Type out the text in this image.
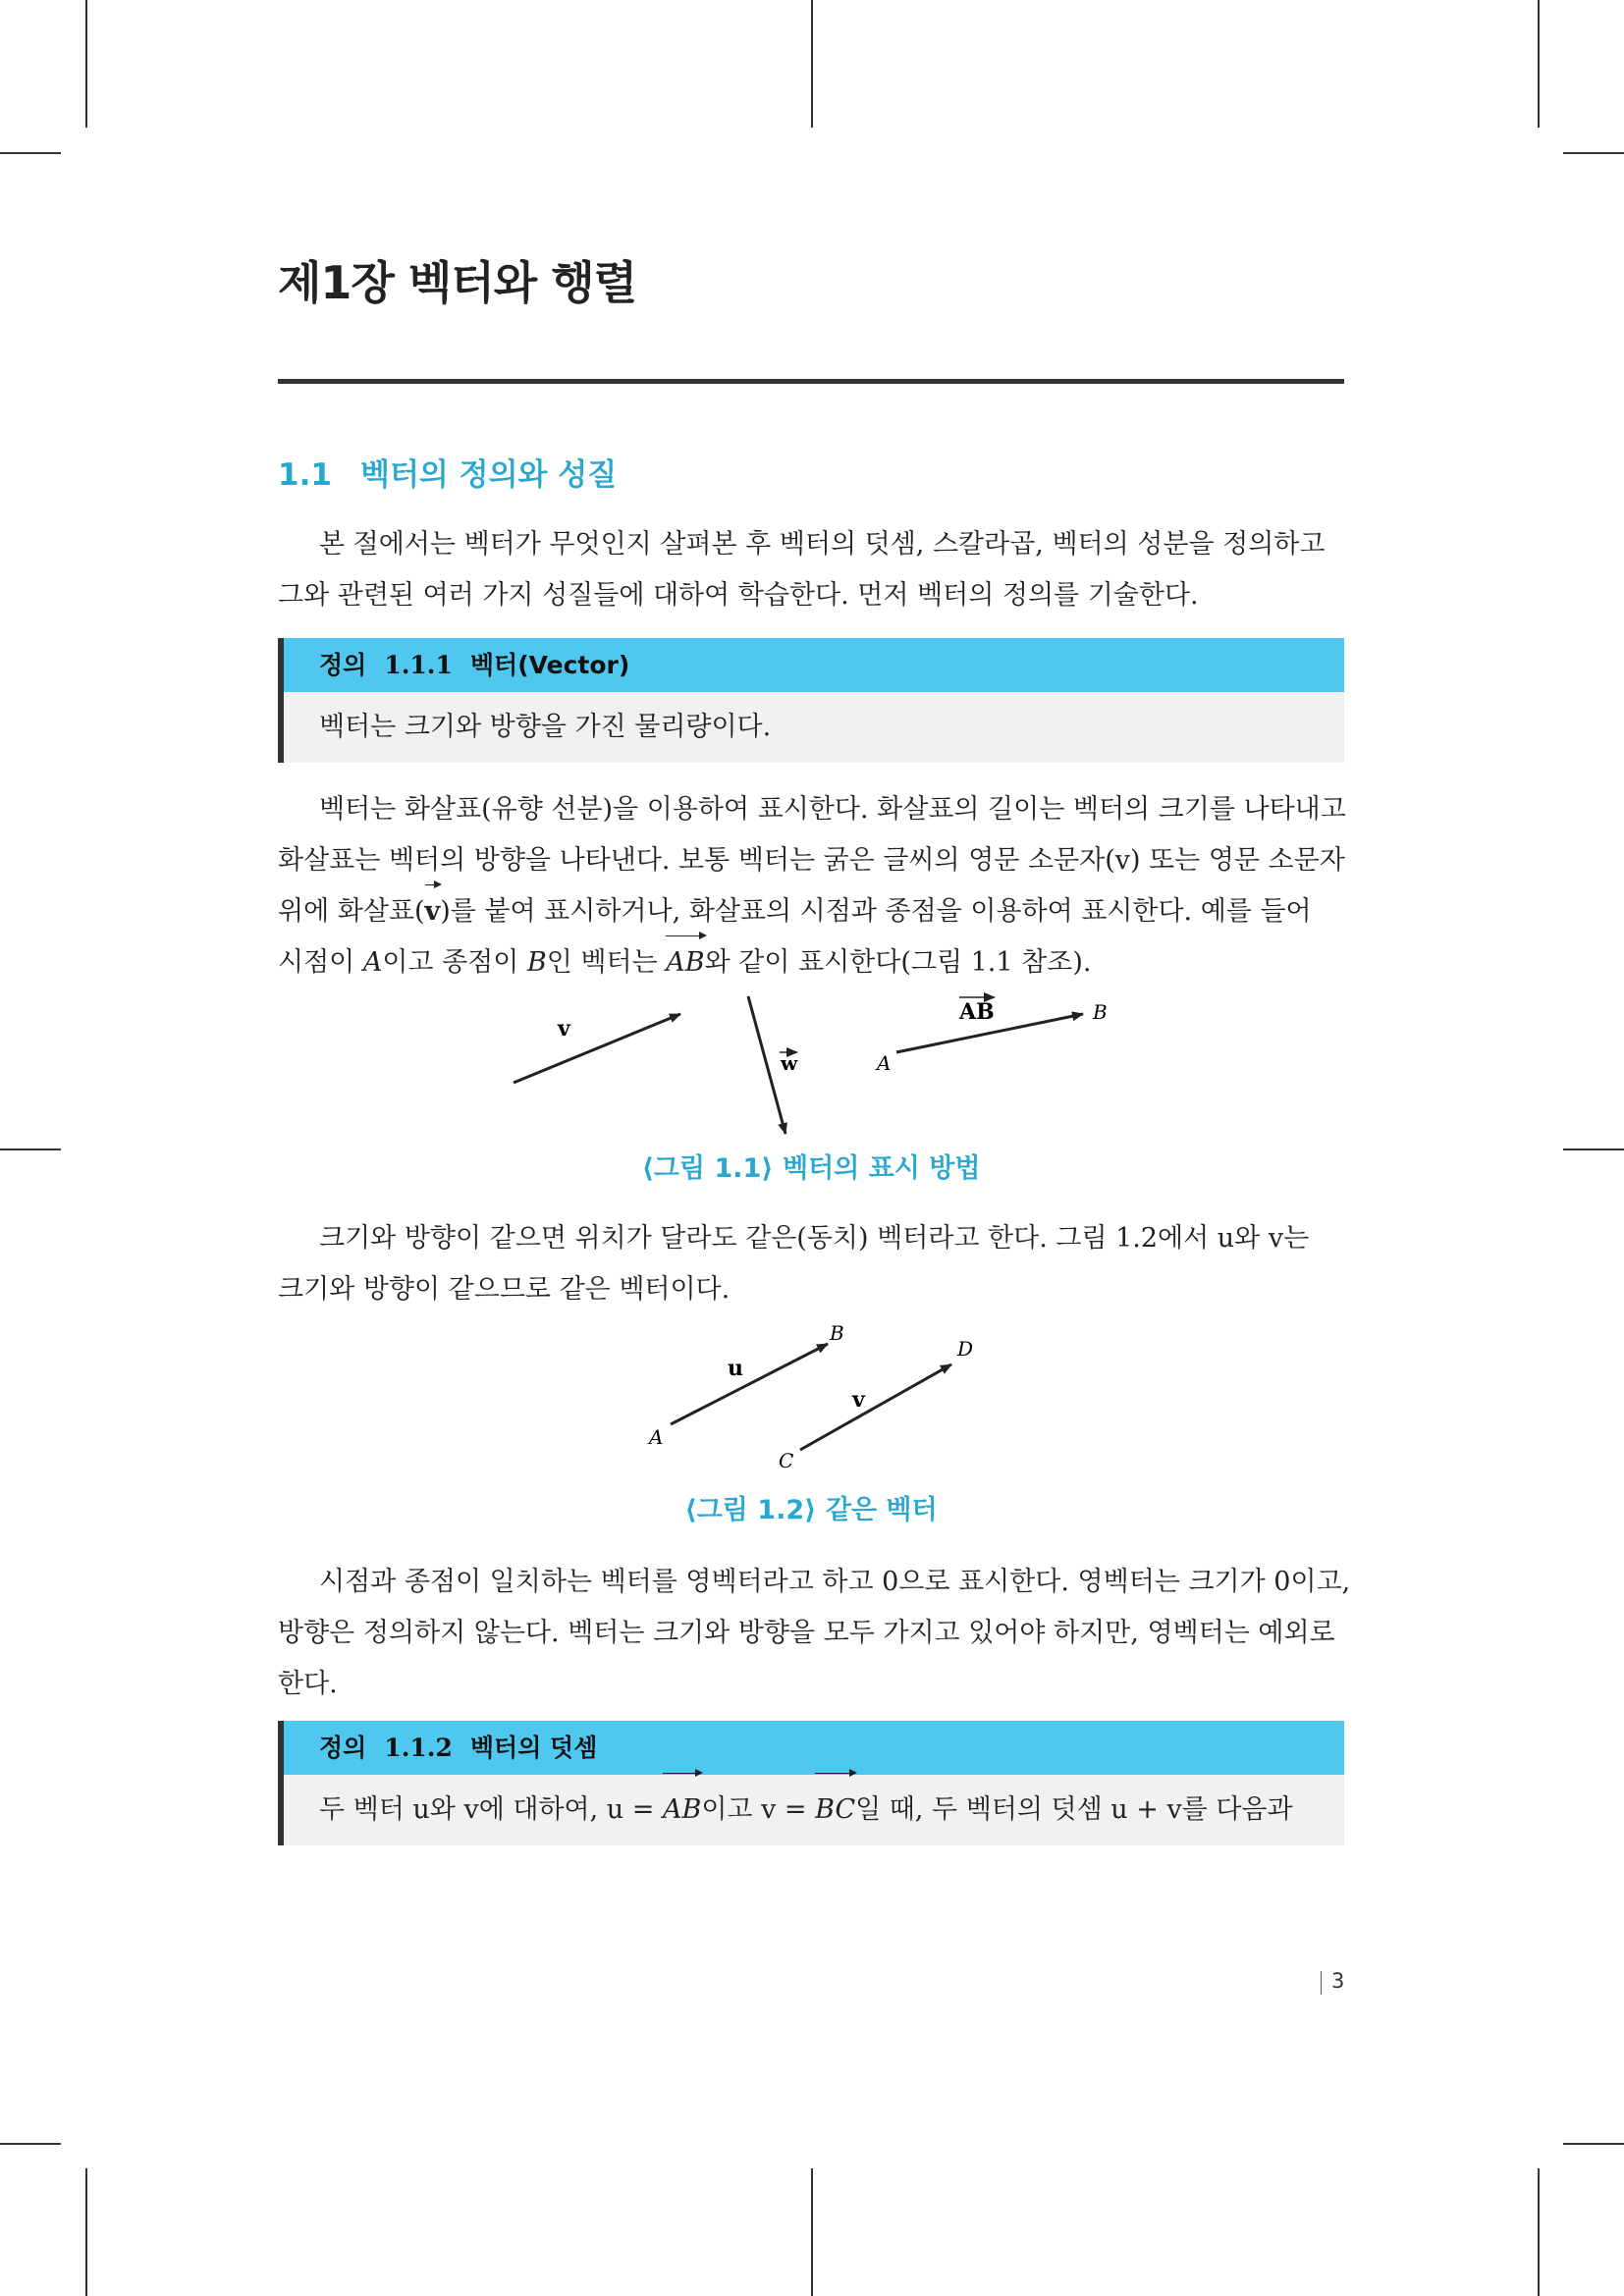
제1장 벡터와 행렬
1.1 벡터의 정의와 성질
본 절에서는 벡터가 무엇인지 살펴본 후 벡터의 덧셈, 스칼라곱, 벡터의 성분을 정의하고
그와 관련된 여러 가지 성질들에 대하여 학습한다. 먼저 벡터의 정의를 기술한다.
정의 1.1.1 벡터(Vector)
벡터는 크기와 방향을 가진 물리량이다.
벡터는 화살표(유향 선분)을 이용하여 표시한다. 화살표의 길이는 벡터의 크기를 나타내고
화살표는 벡터의 방향을 나타낸다. 보통 벡터는 굵은 글씨의 영문 소문자(v) 또는 영문 소문자
위에 화살표(v)를 붙여 표시하거나, 화살표의 시점과 종점을 이용하여 표시한다. 예를 들어
시점이 A이고 종점이 B인 벡터는 AB와 같이 표시한다(그림 1.1 참조).
v
w
AB
A
B
⟨그림 1.1⟩ 벡터의 표시 방법
크기와 방향이 같으면 위치가 달라도 같은(동치) 벡터라고 한다. 그림 1.2에서 u와 v는
크기와 방향이 같으므로 같은 벡터이다.
u
v
A
B
C
D
⟨그림 1.2⟩ 같은 벡터
시점과 종점이 일치하는 벡터를 영벡터라고 하고 0으로 표시한다. 영벡터는 크기가 0이고,
방향은 정의하지 않는다. 벡터는 크기와 방향을 모두 가지고 있어야 하지만, 영벡터는 예외로
한다.
정의 1.1.2 벡터의 덧셈
두 벡터 u와 v에 대하여, u = AB이고 v = BC일 때, 두 벡터의 덧셈 u + v를 다음과
3
